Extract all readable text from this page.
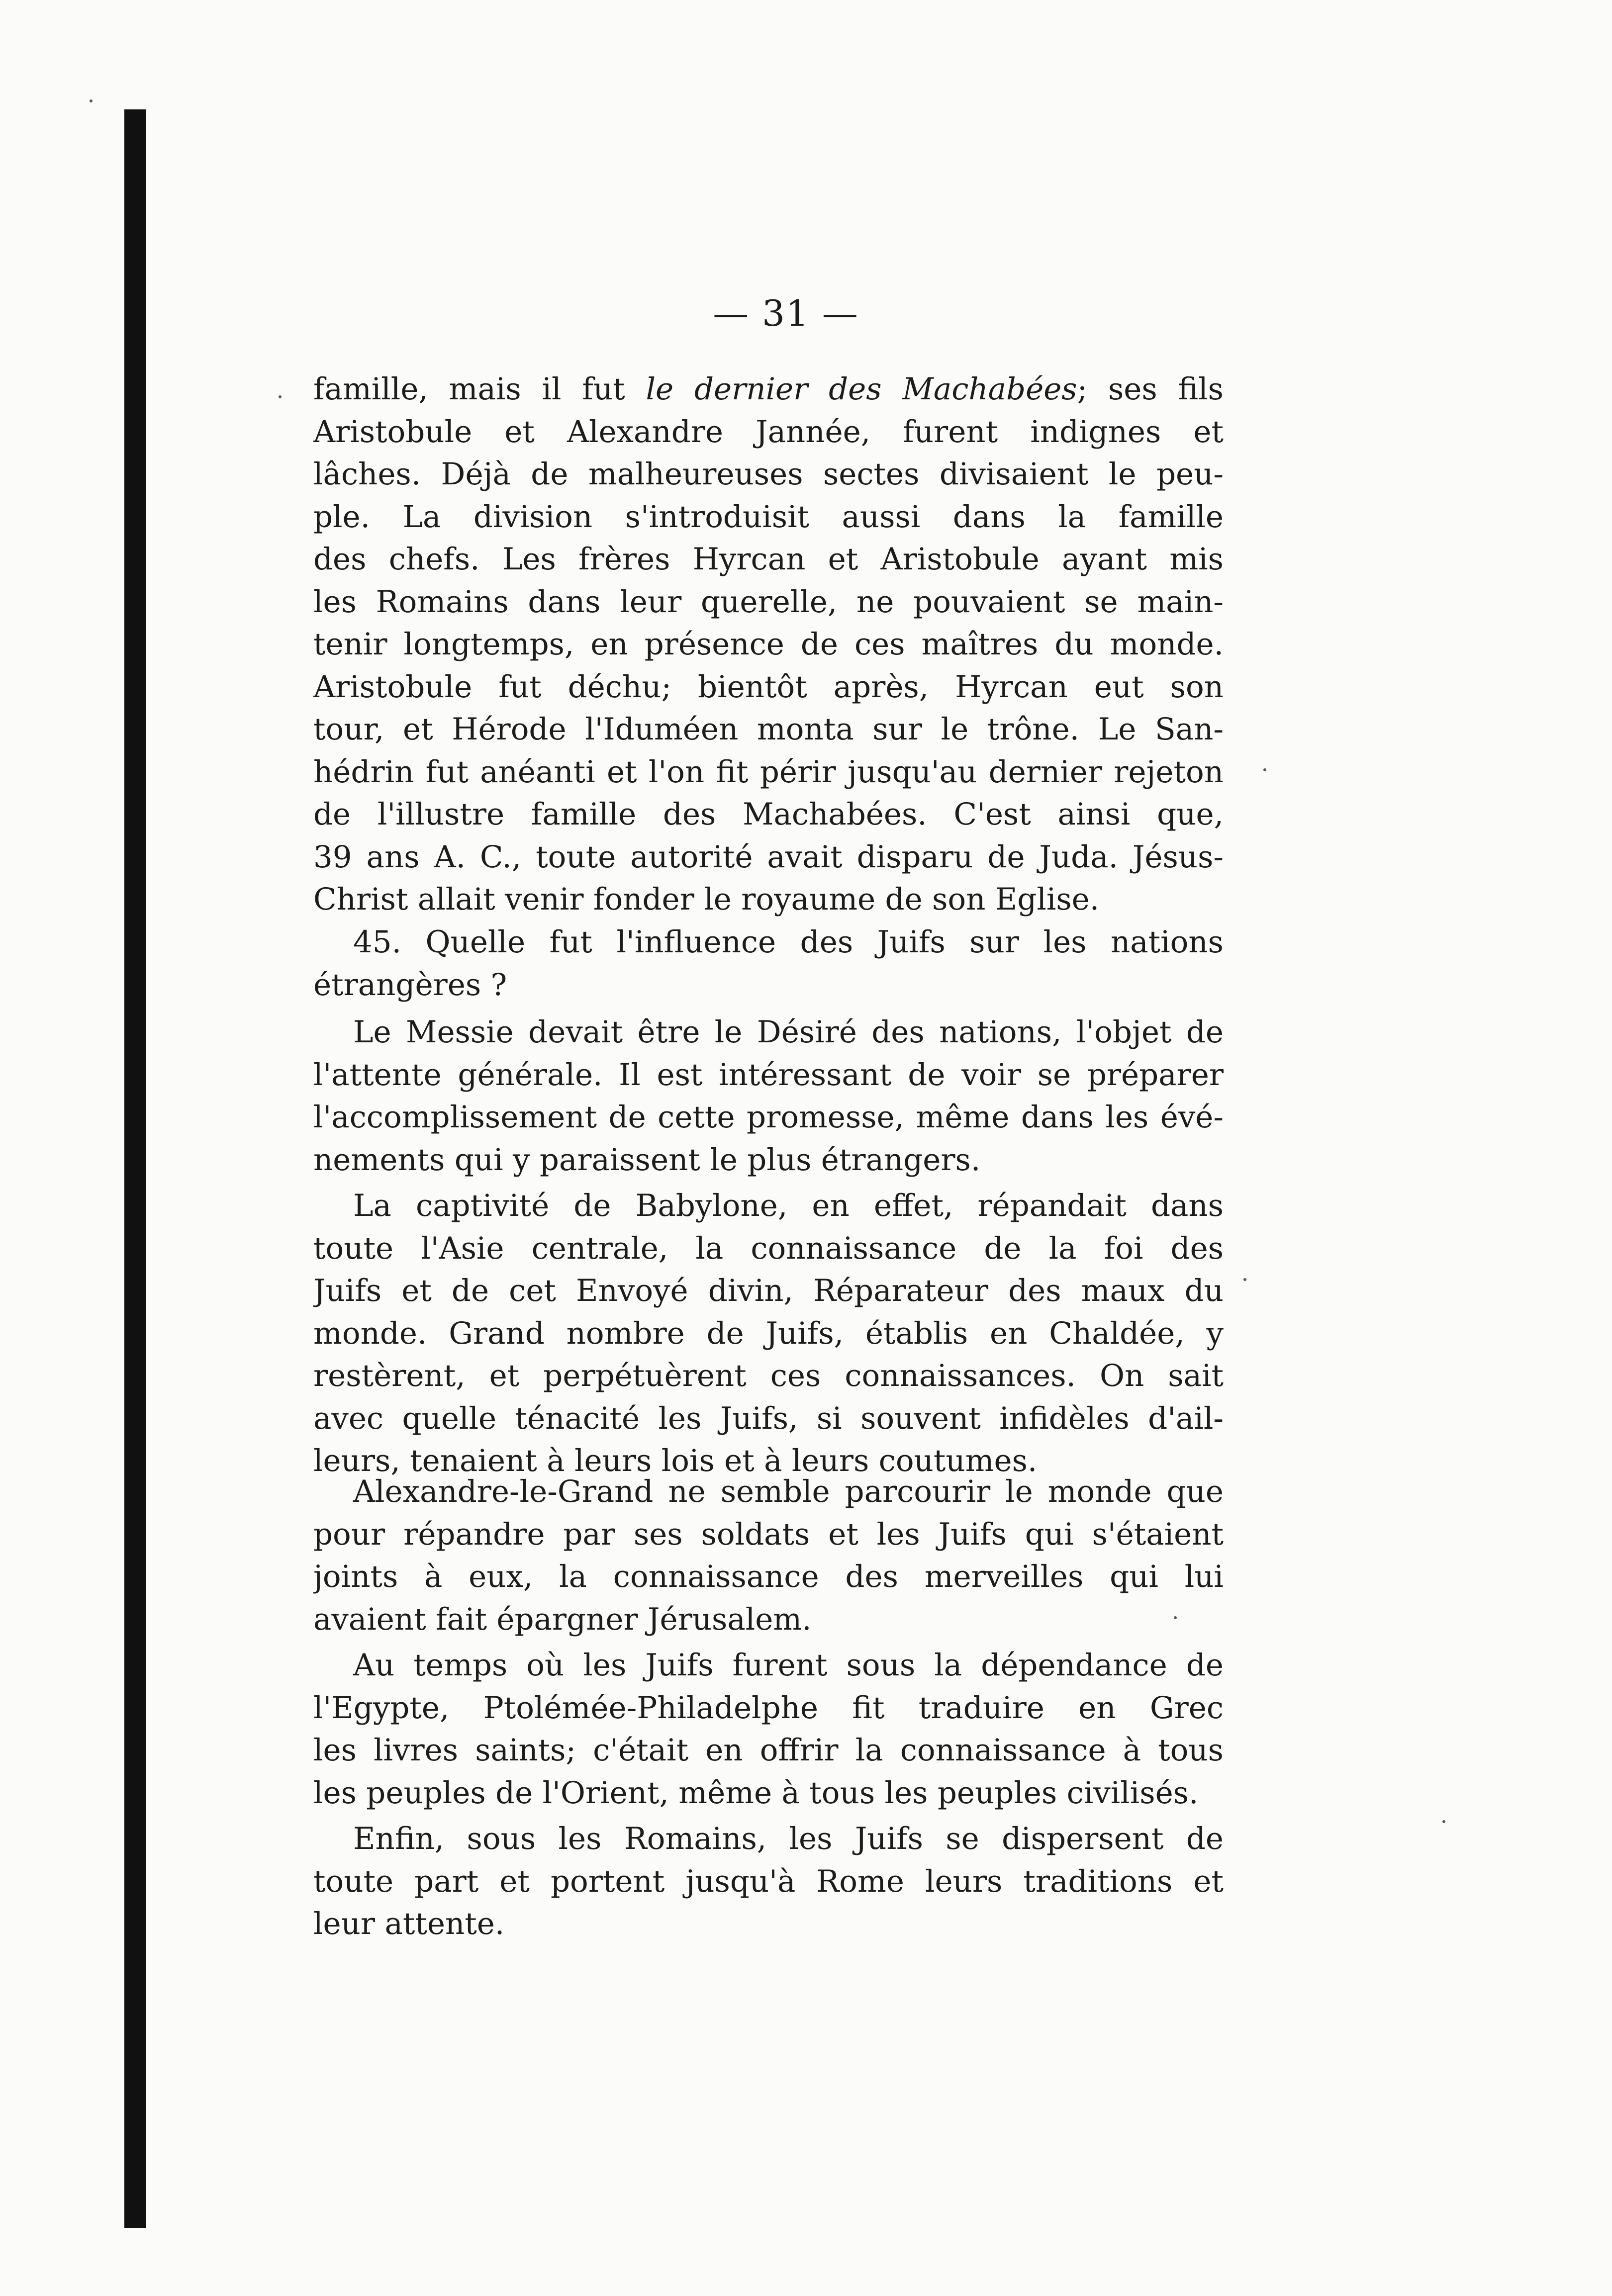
— 31 —
famille, mais il fut le dernier des Machabées; ses fils
Aristobule et Alexandre Jannée, furent indignes et
lâches. Déjà de malheureuses sectes divisaient le peu-
ple. La division s'introduisit aussi dans la famille
des chefs. Les frères Hyrcan et Aristobule ayant mis
les Romains dans leur querelle, ne pouvaient se main-
tenir longtemps, en présence de ces maîtres du monde.
Aristobule fut déchu; bientôt après, Hyrcan eut son
tour, et Hérode l'Iduméen monta sur le trône. Le San-
hédrin fut anéanti et l'on fit périr jusqu'au dernier rejeton
de l'illustre famille des Machabées. C'est ainsi que,
39 ans A. C., toute autorité avait disparu de Juda. Jésus-
Christ allait venir fonder le royaume de son Eglise.
45. Quelle fut l'influence des Juifs sur les nations
étrangères ?
Le Messie devait être le Désiré des nations, l'objet de
l'attente générale. Il est intéressant de voir se préparer
l'accomplissement de cette promesse, même dans les évé-
nements qui y paraissent le plus étrangers.
La captivité de Babylone, en effet, répandait dans
toute l'Asie centrale, la connaissance de la foi des
Juifs et de cet Envoyé divin, Réparateur des maux du
monde. Grand nombre de Juifs, établis en Chaldée, y
restèrent, et perpétuèrent ces connaissances. On sait
avec quelle ténacité les Juifs, si souvent infidèles d'ail-
leurs, tenaient à leurs lois et à leurs coutumes.
Alexandre-le-Grand ne semble parcourir le monde que
pour répandre par ses soldats et les Juifs qui s'étaient
joints à eux, la connaissance des merveilles qui lui
avaient fait épargner Jérusalem.
Au temps où les Juifs furent sous la dépendance de
l'Egypte, Ptolémée-Philadelphe fit traduire en Grec
les livres saints; c'était en offrir la connaissance à tous
les peuples de l'Orient, même à tous les peuples civilisés.
Enfin, sous les Romains, les Juifs se dispersent de
toute part et portent jusqu'à Rome leurs traditions et
leur attente.
